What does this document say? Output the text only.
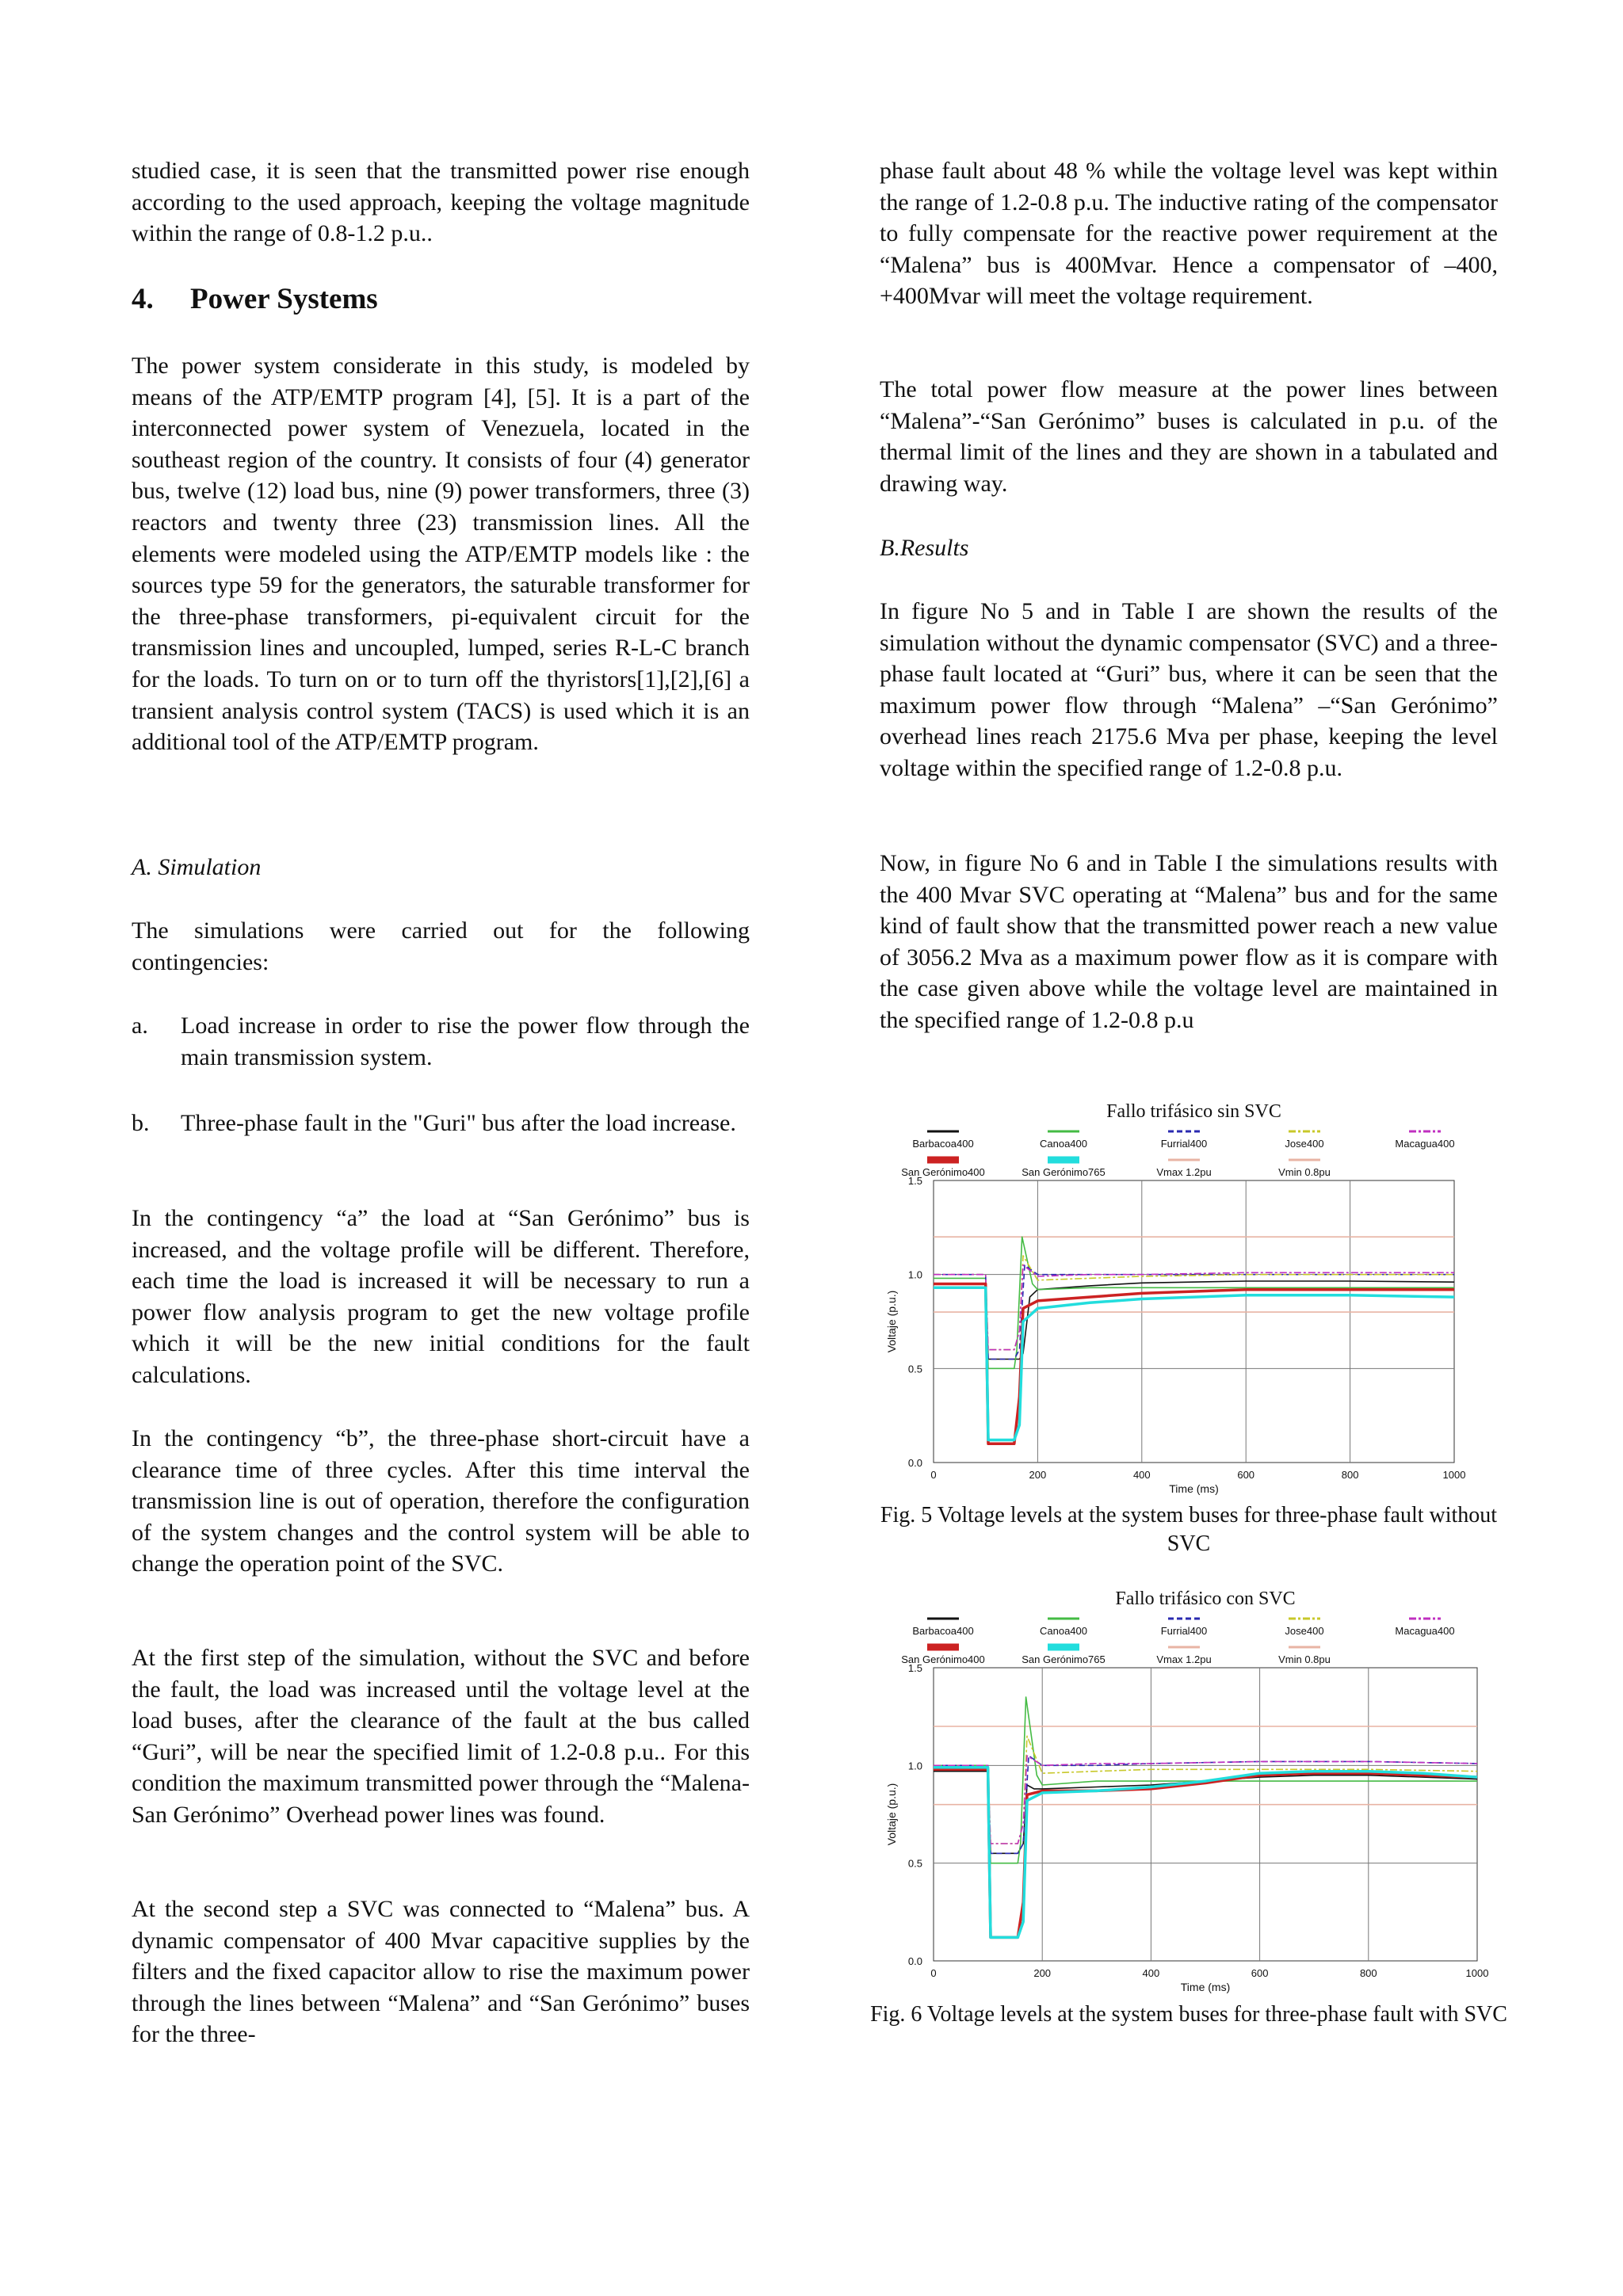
studied case, it is seen that the transmitted power rise enough according to the used approach, keeping the voltage magnitude within the range of 0.8-1.2 p.u..

4. Power Systems

The power system considerate in this study, is modeled by means of the ATP/EMTP program [4], [5]. It is a part of the interconnected power system of Venezuela, located in the southeast region of the country. It consists of four (4) generator bus, twelve (12) load bus, nine (9) power transformers, three (3) reactors and twenty three (23) transmission lines. All the elements were modeled using the ATP/EMTP models like : the sources type 59 for the generators, the saturable transformer for the three-phase transformers, pi-equivalent circuit for the transmission lines and uncoupled, lumped, series R-L-C branch for the loads. To turn on or to turn off the thyristors[1],[2],[6] a transient analysis control system (TACS) is used which it is an additional tool of the ATP/EMTP program.

A. Simulation

The simulations were carried out for the following contingencies:

a. Load increase in order to rise the power flow through the main transmission system.
b. Three-phase fault in the "Guri" bus after the load increase.

In the contingency “a” the load at “San Gerónimo” bus is increased, and the voltage profile will be different. Therefore, each time the load is increased it will be necessary to run a power flow analysis program to get the new voltage profile which it will be the new initial conditions for the fault calculations.

In the contingency “b”, the three-phase short-circuit have a clearance time of three cycles. After this time interval the transmission line is out of operation, therefore the configuration of the system changes and the control system will be able to change the operation point of the SVC.

At the first step of the simulation, without the SVC and before the fault, the load was increased until the voltage level at the load buses, after the clearance of the fault at the bus called “Guri”, will be near the specified limit of 1.2-0.8 p.u.. For this condition the maximum transmitted power through the “Malena-San Gerónimo” Overhead power lines was found.

At the second step a SVC was connected to “Malena” bus. A dynamic compensator of 400 Mvar capacitive supplies by the filters and the fixed capacitor allow to rise the maximum power through the lines between “Malena” and “San Gerónimo” buses for the three-

phase fault about 48 % while the voltage level was kept within the range of 1.2-0.8 p.u. The inductive rating of the compensator to fully compensate for the reactive power requirement at the “Malena” bus is 400Mvar. Hence a compensator of –400, +400Mvar will meet the voltage requirement.

The total power flow measure at the power lines between “Malena”-“San Gerónimo” buses is calculated in p.u. of the thermal limit of the lines and they are shown in a tabulated and drawing way.

B.Results

In figure No 5 and in Table I are shown the results of the simulation without the dynamic compensator (SVC) and a three-phase fault located at “Guri” bus, where it can be seen that the maximum power flow through “Malena” –“San Gerónimo” overhead lines reach 2175.6 Mva per phase, keeping the level voltage within the specified range of 1.2-0.8 p.u.

Now, in figure No 6 and in Table I the simulations results with the 400 Mvar SVC operating at “Malena” bus and for the same kind of fault show that the transmitted power reach a new value of 3056.2 Mva as a maximum power flow as it is compare with the case given above while the voltage level are maintained in the specified range of 1.2-0.8 p.u

Fallo trifásico sin SVC
Barbacoa400	Canoa400	Furrial400	Jose400	Macagua400
San Gerónimo400	San Gerónimo765	Vmax 1.2pu	Vmin 0.8pu
0	200	400	600	800	1000
0.0
0.5
1.0
1.5
Time (ms)
Voltaje (p.u.)

Fig. 5 Voltage levels at the system buses for three-phase fault without SVC

Fallo trifásico con SVC
Barbacoa400	Canoa400	Furrial400	Jose400	Macagua400
San Gerónimo400	San Gerónimo765	Vmax 1.2pu	Vmin 0.8pu
0	200	400	600	800	1000
0.0
0.5
1.0
1.5
Time (ms)
Voltaje (p.u.)

Fig. 6 Voltage levels at the system buses for three-phase fault with SVC
